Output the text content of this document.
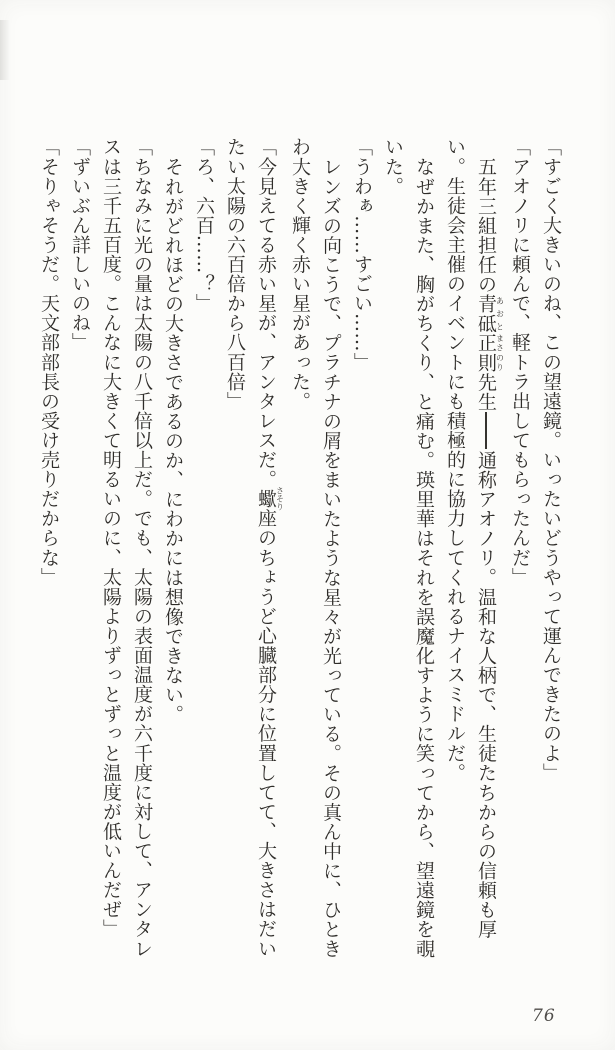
「すごく大きいのね、この望遠鏡。いったいどうやって運んできたのよ」

「アオノリに頼んで、軽トラ出してもらったんだ」

五年三組担任の青砥あおと正則まさのり先生通称アオノリ。温和な人柄で、生徒たちからの信頼も厚い。生徒会主催のイベントにも積極的に協力してくれるナイスミドルだ。

なぜかまた、胸がちくり、と痛む。瑛里華はそれを誤魔化すように笑ってから、望遠鏡を覗いた。

「うわぁ……すごい……」

レンズの向こうで、プラチナの屑をまいたような星々が光っている。その真ん中に、ひときわ大きく輝く赤い星があった。

「今見えてる赤い星が、アンタレスだ。蠍さそり座のちょうど心臓部分に位置してて、大きさはだいたい太陽の六百倍から八百倍」

「ろ、六百……？」

それがどれほどの大きさであるのか、にわかには想像できない。

「ちなみに光の量は太陽の八千倍以上だ。でも、太陽の表面温度が六千度に対して、アンタレスは三千五百度。こんなに大きくて明るいのに、太陽よりずっとずっと温度が低いんだぜ」

「ずいぶん詳しいのね」

「そりゃそうだ。天文部部長の受け売りだからな」

76
